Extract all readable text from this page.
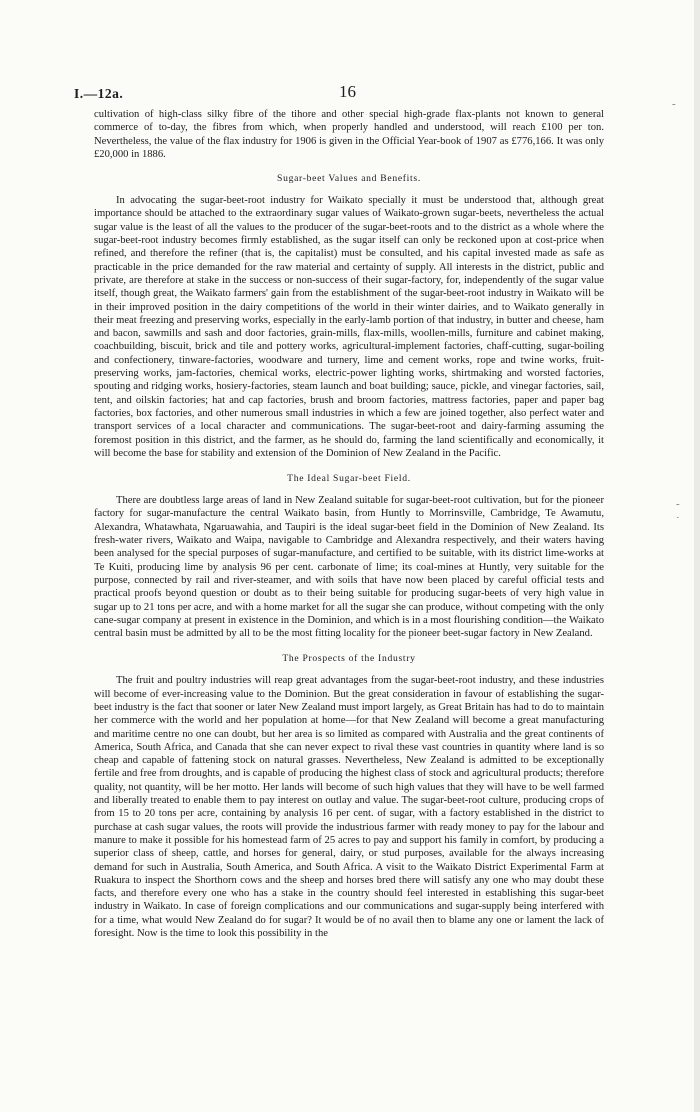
I.—12a.	16
-
-
·

cultivation of high-class silky fibre of the tihore and other special high-grade flax-plants not known to general commerce of to-day, the fibres from which, when properly handled and understood, will reach £100 per ton. Nevertheless, the value of the flax industry for 1906 is given in the Official Year-book of 1907 as £776,166. It was only £20,000 in 1886.

Sugar-beet Values and Benefits.

In advocating the sugar-beet-root industry for Waikato specially it must be understood that, although great importance should be attached to the extraordinary sugar values of Waikato-grown sugar-beets, nevertheless the actual sugar value is the least of all the values to the producer of the sugar-beet-roots and to the district as a whole where the sugar-beet-root industry becomes firmly established, as the sugar itself can only be reckoned upon at cost-price when refined, and therefore the refiner (that is, the capitalist) must be consulted, and his capital invested made as safe as practicable in the price demanded for the raw material and certainty of supply. All interests in the district, public and private, are therefore at stake in the success or non-success of their sugar-factory, for, independently of the sugar value itself, though great, the Waikato farmers' gain from the establishment of the sugar-beet-root industry in Waikato will be in their improved position in the dairy competitions of the world in their winter dairies, and to Waikato generally in their meat freezing and preserving works, especially in the early-lamb portion of that industry, in butter and cheese, ham and bacon, sawmills and sash and door factories, grain-mills, flax-mills, woollen-mills, furniture and cabinet making, coachbuilding, biscuit, brick and tile and pottery works, agricultural-implement factories, chaff-cutting, sugar-boiling and confectionery, tinware-factories, woodware and turnery, lime and cement works, rope and twine works, fruit-preserving works, jam-factories, chemical works, electric-power lighting works, shirtmaking and worsted factories, spouting and ridging works, hosiery-factories, steam launch and boat building; sauce, pickle, and vinegar factories, sail, tent, and oilskin factories; hat and cap factories, brush and broom factories, mattress factories, paper and paper bag factories, box factories, and other numerous small industries in which a few are joined together, also perfect water and transport services of a local character and communications. The sugar-beet-root and dairy-farming assuming the foremost position in this district, and the farmer, as he should do, farming the land scientifically and economically, it will become the base for stability and extension of the Dominion of New Zealand in the Pacific.

The Ideal Sugar-beet Field.

There are doubtless large areas of land in New Zealand suitable for sugar-beet-root cultivation, but for the pioneer factory for sugar-manufacture the central Waikato basin, from Huntly to Morrinsville, Cambridge, Te Awamutu, Alexandra, Whatawhata, Ngaruawahia, and Taupiri is the ideal sugar-beet field in the Dominion of New Zealand. Its fresh-water rivers, Waikato and Waipa, navigable to Cambridge and Alexandra respectively, and their waters having been analysed for the special purposes of sugar-manufacture, and certified to be suitable, with its district lime-works at Te Kuiti, producing lime by analysis 96 per cent. carbonate of lime; its coal-mines at Huntly, very suitable for the purpose, connected by rail and river-steamer, and with soils that have now been placed by careful official tests and practical proofs beyond question or doubt as to their being suitable for producing sugar-beets of very high value in sugar up to 21 tons per acre, and with a home market for all the sugar she can produce, without competing with the only cane-sugar company at present in existence in the Dominion, and which is in a most flourishing condition—the Waikato central basin must be admitted by all to be the most fitting locality for the pioneer beet-sugar factory in New Zealand.

The Prospects of the Industry

The fruit and poultry industries will reap great advantages from the sugar-beet-root industry, and these industries will become of ever-increasing value to the Dominion. But the great consideration in favour of establishing the sugar-beet industry is the fact that sooner or later New Zealand must import largely, as Great Britain has had to do to maintain her commerce with the world and her population at home—for that New Zealand will become a great manufacturing and maritime centre no one can doubt, but her area is so limited as compared with Australia and the great continents of America, South Africa, and Canada that she can never expect to rival these vast countries in quantity where land is so cheap and capable of fattening stock on natural grasses. Nevertheless, New Zealand is admitted to be exceptionally fertile and free from droughts, and is capable of producing the highest class of stock and agricultural products; therefore quality, not quantity, will be her motto. Her lands will become of such high values that they will have to be well farmed and liberally treated to enable them to pay interest on outlay and value. The sugar-beet-root culture, producing crops of from 15 to 20 tons per acre, containing by analysis 16 per cent. of sugar, with a factory established in the district to purchase at cash sugar values, the roots will provide the industrious farmer with ready money to pay for the labour and manure to make it possible for his homestead farm of 25 acres to pay and support his family in comfort, by producing a superior class of sheep, cattle, and horses for general, dairy, or stud purposes, available for the always increasing demand for such in Australia, South America, and South Africa. A visit to the Waikato District Experimental Farm at Ruakura to inspect the Shorthorn cows and the sheep and horses bred there will satisfy any one who may doubt these facts, and therefore every one who has a stake in the country should feel interested in establishing this sugar-beet industry in Waikato. In case of foreign complications and our communications and sugar-supply being interfered with for a time, what would New Zealand do for sugar? It would be of no avail then to blame any one or lament the lack of foresight. Now is the time to look this possibility in the
